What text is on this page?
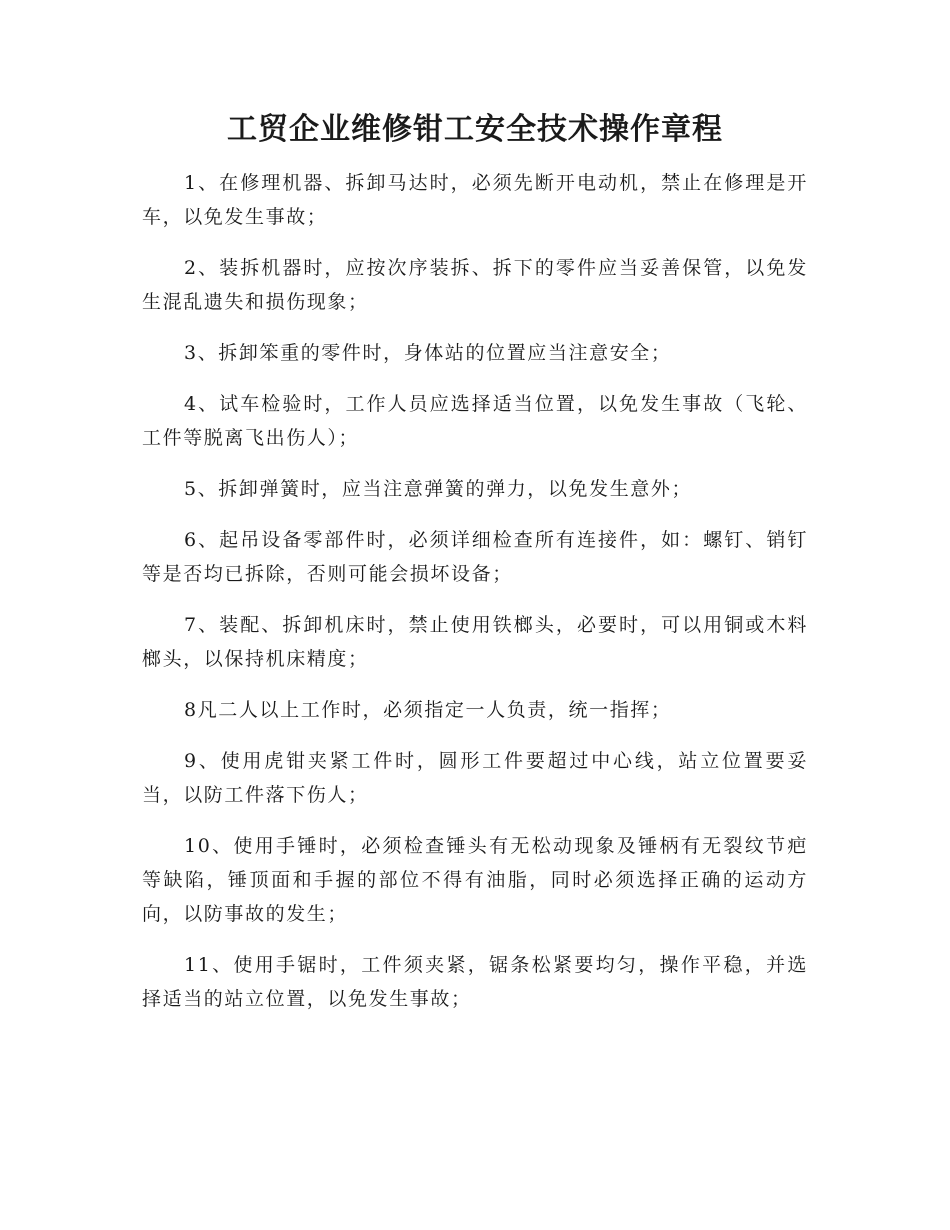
工贸企业维修钳工安全技术操作章程

1、在修理机器、拆卸马达时，必须先断开电动机，禁止在修理是开车，以免发生事故；

2、装拆机器时，应按次序装拆、拆下的零件应当妥善保管，以免发生混乱遗失和损伤现象；

3、拆卸笨重的零件时，身体站的位置应当注意安全；

4、试车检验时，工作人员应选择适当位置，以免发生事故（飞轮、工件等脱离飞出伤人）；

5、拆卸弹簧时，应当注意弹簧的弹力，以免发生意外；

6、起吊设备零部件时，必须详细检查所有连接件，如：螺钉、销钉等是否均已拆除，否则可能会损坏设备；

7、装配、拆卸机床时，禁止使用铁榔头，必要时，可以用铜或木料榔头，以保持机床精度；

8凡二人以上工作时，必须指定一人负责，统一指挥；

9、使用虎钳夹紧工件时，圆形工件要超过中心线，站立位置要妥当，以防工件落下伤人；

10、使用手锤时，必须检查锤头有无松动现象及锤柄有无裂纹节疤等缺陷，锤顶面和手握的部位不得有油脂，同时必须选择正确的运动方向，以防事故的发生；

11、使用手锯时，工件须夹紧，锯条松紧要均匀，操作平稳，并选择适当的站立位置，以免发生事故；
